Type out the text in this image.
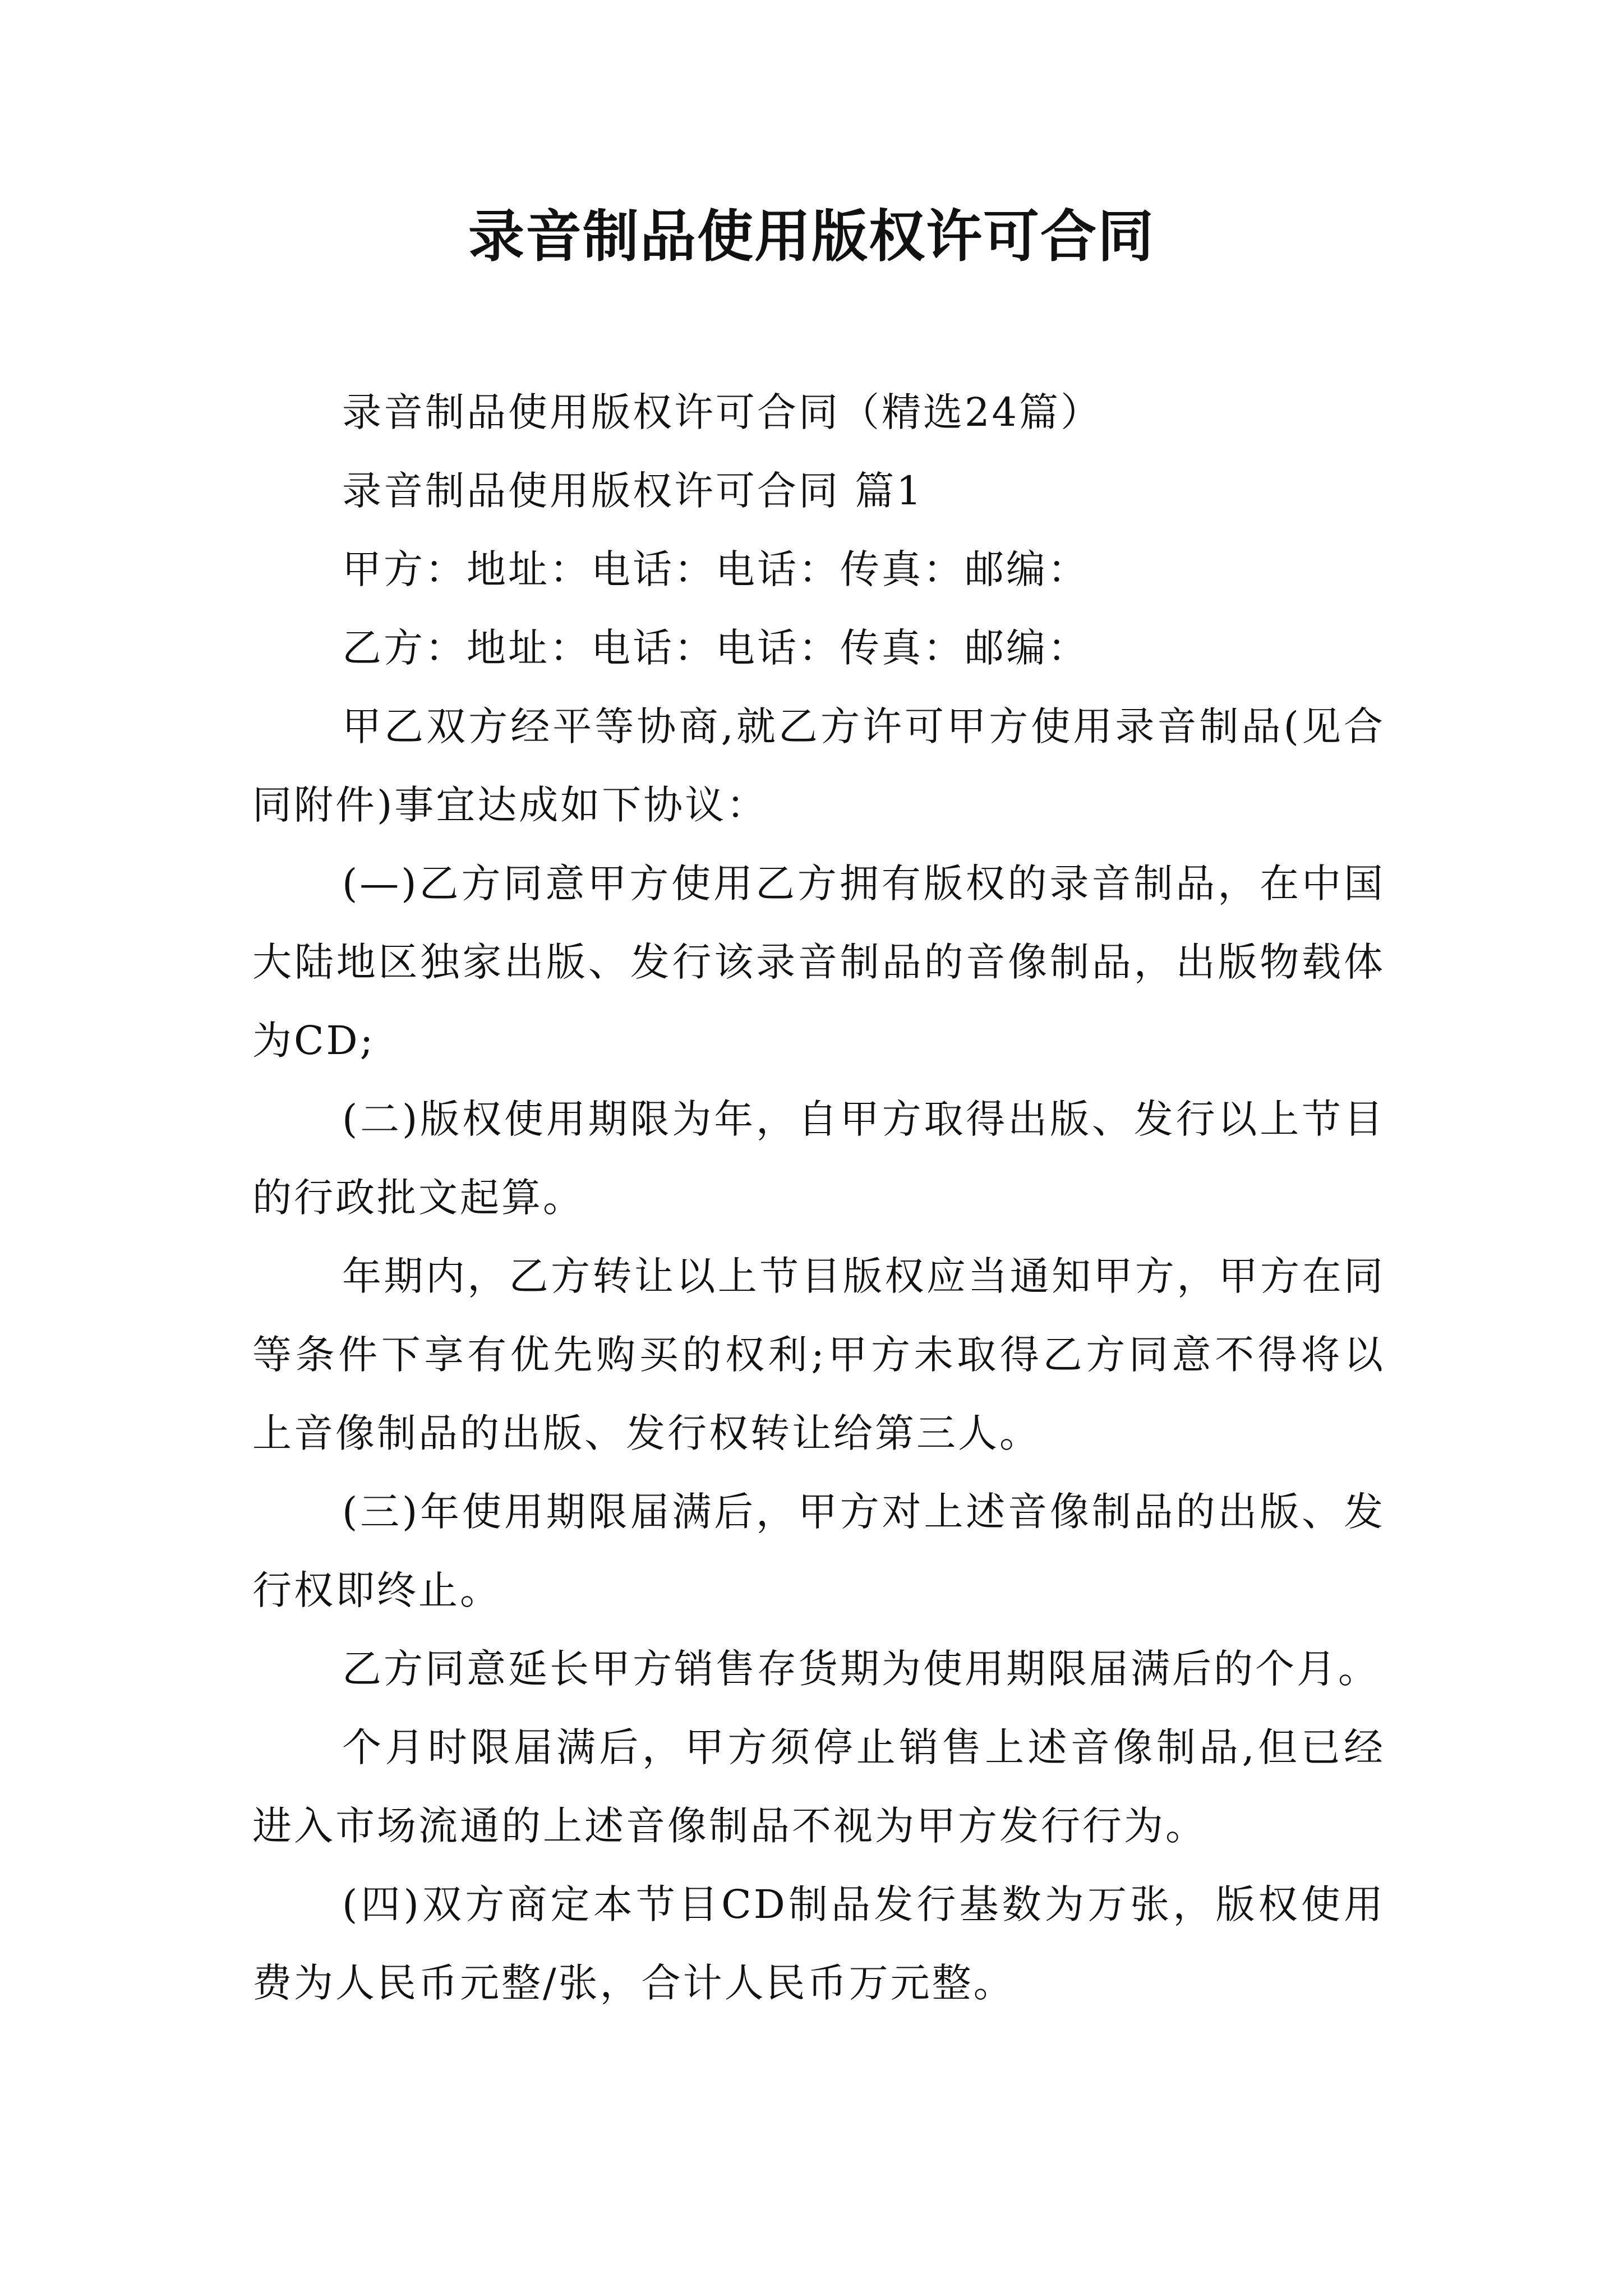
录音制品使用版权许可合同

录音制品使用版权许可合同（精选24篇）

录音制品使用版权许可合同 篇1

甲方：地址：电话：电话：传真：邮编：

乙方：地址：电话：电话：传真：邮编：

甲乙双方经平等协商,就乙方许可甲方使用录音制品(见合同附件)事宜达成如下协议：

(—)乙方同意甲方使用乙方拥有版权的录音制品，在中国大陆地区独家出版、发行该录音制品的音像制品，出版物载体为CD;

(二)版权使用期限为年，自甲方取得出版、发行以上节目的行政批文起算。

年期内，乙方转让以上节目版权应当通知甲方，甲方在同等条件下享有优先购买的权利;甲方未取得乙方同意不得将以上音像制品的出版、发行权转让给第三人。

(三)年使用期限届满后，甲方对上述音像制品的出版、发行权即终止。

乙方同意延长甲方销售存货期为使用期限届满后的个月。

个月时限届满后，甲方须停止销售上述音像制品,但已经进入市场流通的上述音像制品不视为甲方发行行为。

(四)双方商定本节目CD制品发行基数为万张，版权使用费为人民币元整/张，合计人民币万元整。
